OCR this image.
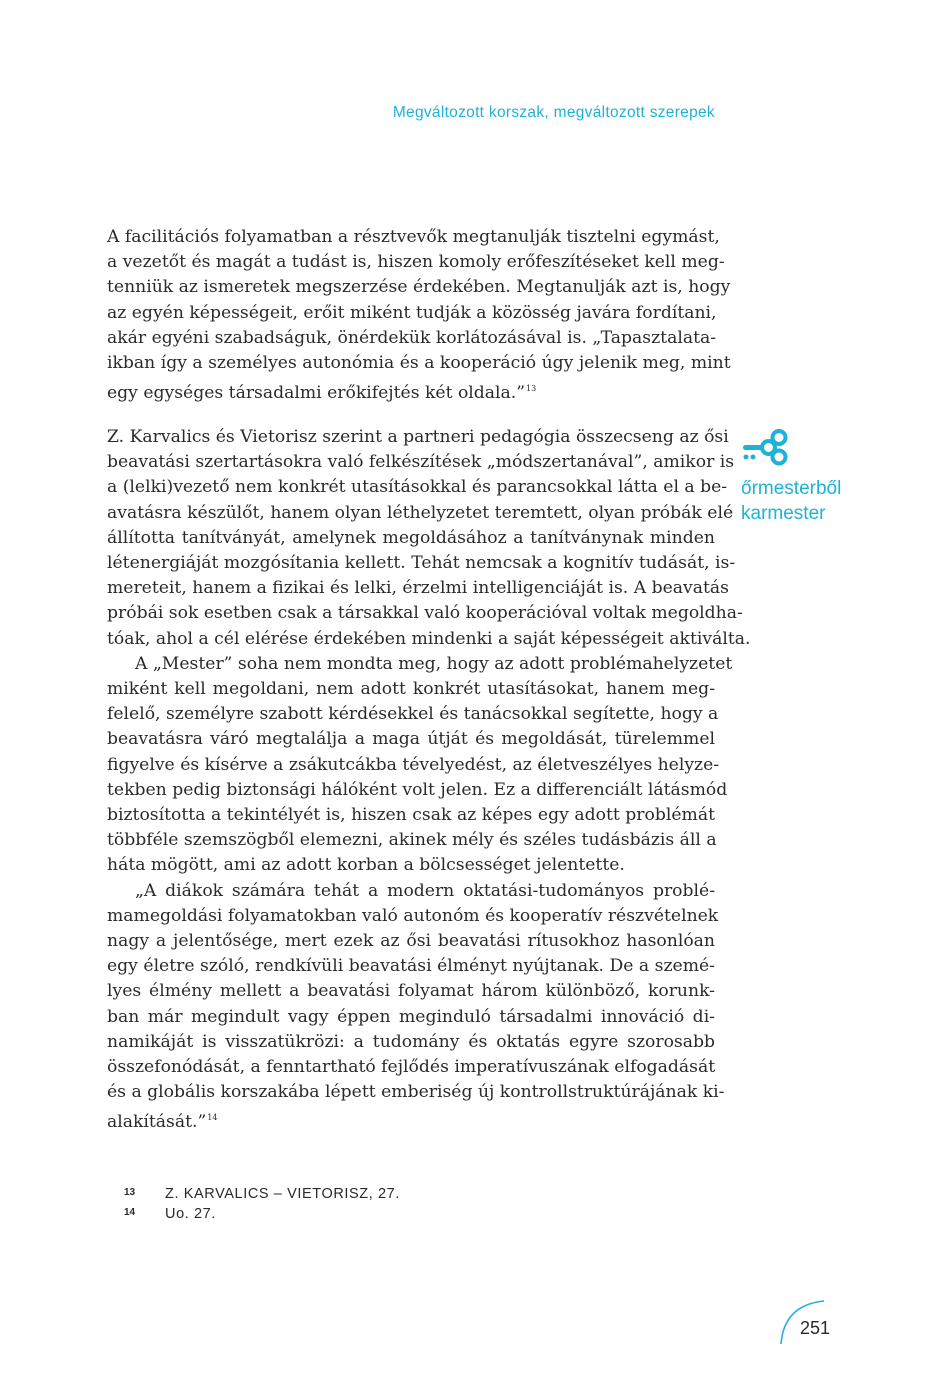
Megváltozott korszak, megváltozott szerepek

A facilitációs folyamatban a résztvevők megtanulják tisztelni egymást,

a vezetőt és magát a tudást is, hiszen komoly erőfeszítéseket kell meg-

tenniük az ismeretek megszerzése érdekében. Megtanulják azt is, hogy

az egyén képességeit, erőit miként tudják a közösség javára fordítani,

akár egyéni szabadságuk, önérdekük korlátozásával is. „Tapasztalata-

ikban így a személyes autonómia és a kooperáció úgy jelenik meg, mint

egy egységes társadalmi erőkifejtés két oldala.”$^{13}$

Z. Karvalics és Vietorisz szerint a partneri pedagógia összecseng az ősi

beavatási szertartásokra való felkészítések „módszertanával”, amikor is

a (lelki)vezető nem konkrét utasításokkal és parancsokkal látta el a be-

avatásra készülőt, hanem olyan léthelyzetet teremtett, olyan próbák elé

állította tanítványát, amelynek megoldásához a tanítványnak minden

létenergiáját mozgósítania kellett. Tehát nemcsak a kognitív tudását, is-

mereteit, hanem a fizikai és lelki, érzelmi intelligenciáját is. A beavatás

próbái sok esetben csak a társakkal való kooperációval voltak megoldha-

tóak, ahol a cél elérése érdekében mindenki a saját képességeit aktiválta.

A „Mester” soha nem mondta meg, hogy az adott problémahelyzetet

miként kell megoldani, nem adott konkrét utasításokat, hanem meg-

felelő, személyre szabott kérdésekkel és tanácsokkal segítette, hogy a

beavatásra váró megtalálja a maga útját és megoldását, türelemmel

figyelve és kísérve a zsákutcákba tévelyedést, az életveszélyes helyze-

tekben pedig biztonsági hálóként volt jelen. Ez a differenciált látásmód

biztosította a tekintélyét is, hiszen csak az képes egy adott problémát

többféle szemszögből elemezni, akinek mély és széles tudásbázis áll a

háta mögött, ami az adott korban a bölcsességet jelentette.

„A diákok számára tehát a modern oktatási-tudományos problé-

mamegoldási folyamatokban való autonóm és kooperatív részvételnek

nagy a jelentősége, mert ezek az ősi beavatási rítusokhoz hasonlóan

egy életre szóló, rendkívüli beavatási élményt nyújtanak. De a szemé-

lyes élmény mellett a beavatási folyamat három különböző, korunk-

ban már megindult vagy éppen meginduló társadalmi innováció di-

namikáját is visszatükrözi: a tudomány és oktatás egyre szorosabb

összefonódását, a fenntartható fejlődés imperatívuszának elfogadását

és a globális korszakába lépett emberiség új kontrollstruktúrájának ki-

alakítását.”$^{14}$

őrmesterből
karmester
13	Z. KARVALICS – VIETORISZ, 27.
14	Uo. 27.
251
